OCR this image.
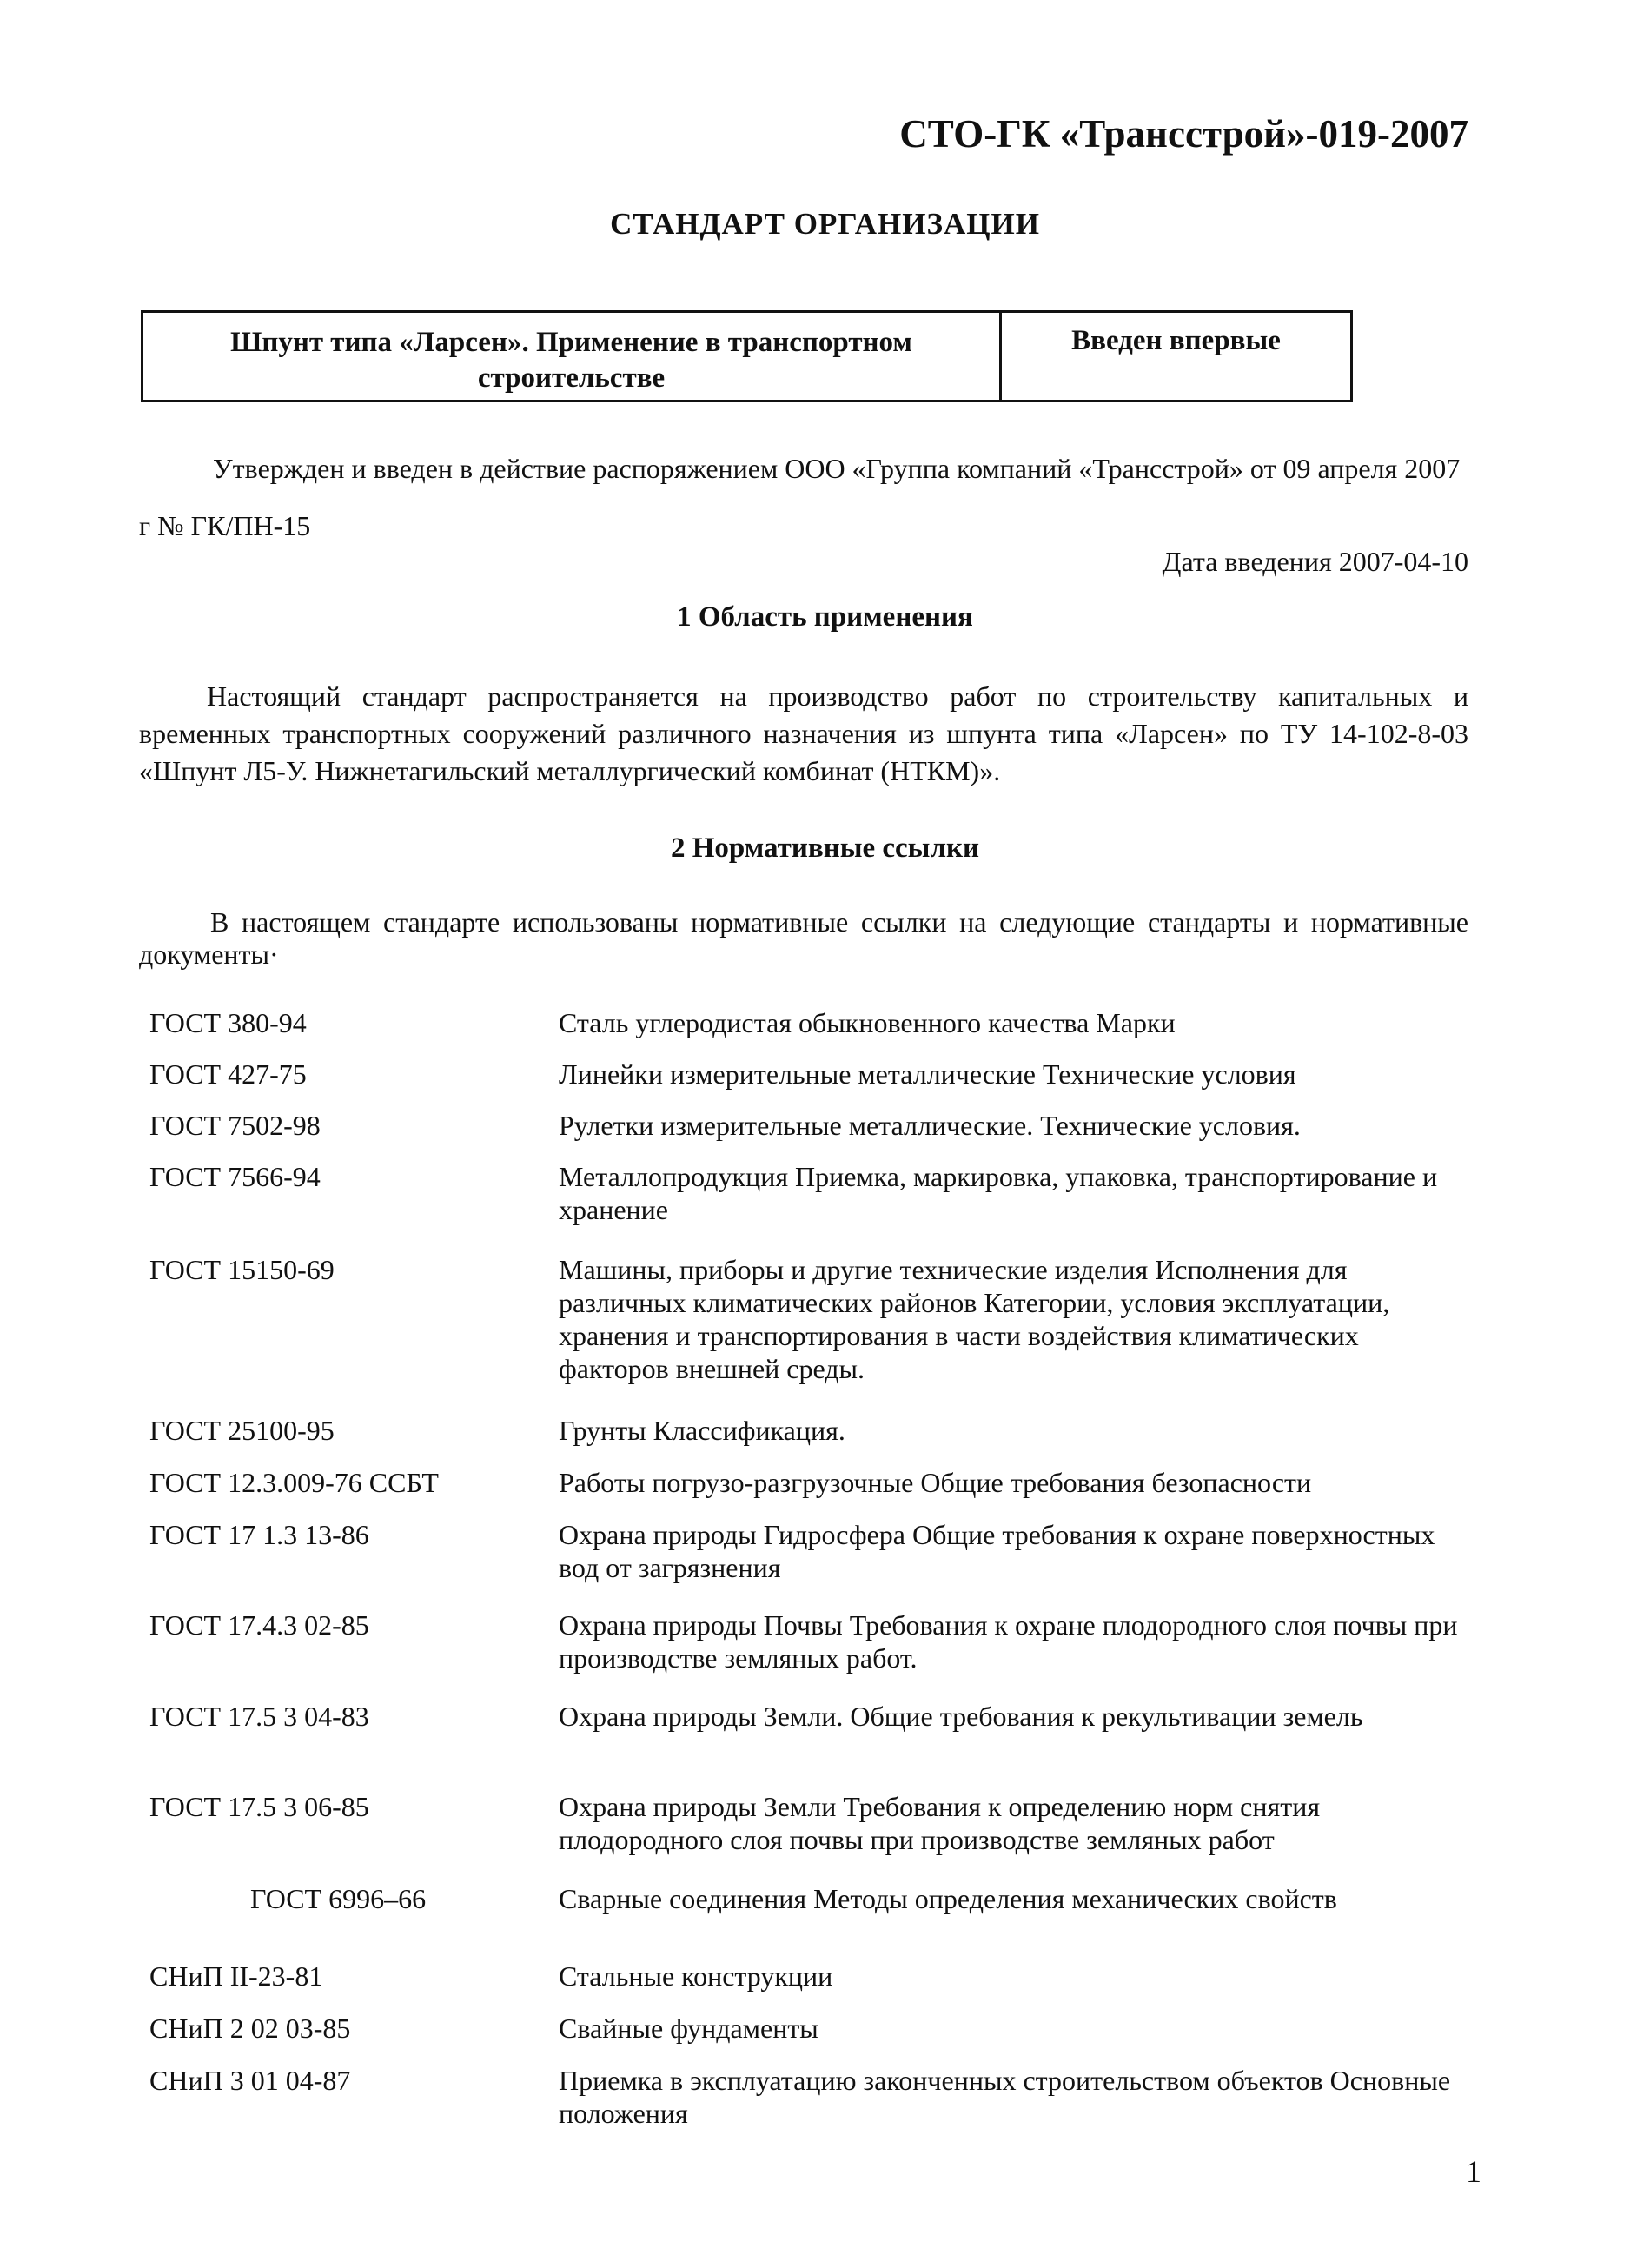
СТО-ГК «Трансстрой»-019-2007

СТАНДАРТ ОРГАНИЗАЦИИ

Шпунт типа «Ларсен». Применение в транспортном строительстве
Введен впервые

Утвержден и введен в действие распоряжением ООО «Группа компаний «Трансстрой» от 09 апреля 2007 г № ГК/ПН-15

Дата введения 2007-04-10

1 Область применения

Настоящий стандарт распространяется на производство работ по строительству капитальных и временных транспортных сооружений различного назначения из шпунта типа «Ларсен» по ТУ 14-102-8-03 «Шпунт Л5-У. Нижнетагильский металлургический комбинат (НТКМ)».

2 Нормативные ссылки

В настоящем стандарте использованы нормативные ссылки на следующие стандарты и нормативные документы·

ГОСТ 380-94	Сталь углеродистая обыкновенного качества Марки
ГОСТ 427-75	Линейки измерительные металлические Технические условия
ГОСТ 7502-98	Рулетки измерительные металлические. Технические условия.
ГОСТ 7566-94	Металлопродукция Приемка, маркировка, упаковка, транспортирование и хранение
ГОСТ 15150-69	Машины, приборы и другие технические изделия Исполнения для различных климатических районов Категории, условия эксплуатации, хранения и транспортирования в части воздействия климатических факторов внешней среды.
ГОСТ 25100-95	Грунты Классификация.
ГОСТ 12.3.009-76 ССБТ	Работы погрузо-разгрузочные Общие требования безопасности
ГОСТ 17 1.3 13-86	Охрана природы Гидросфера Общие требования к охране поверхностных вод от загрязнения
ГОСТ 17.4.3 02-85	Охрана природы Почвы Требования к охране плодородного слоя почвы при производстве земляных работ.
ГОСТ 17.5 3 04-83	Охрана природы Земли. Общие требования к рекультивации земель
ГОСТ 17.5 3 06-85	Охрана природы Земли Требования к определению норм снятия плодородного слоя почвы при производстве земляных работ
ГОСТ 6996–66	Сварные соединения Методы определения механических свойств
СНиП II-23-81	Стальные конструкции
СНиП 2 02 03-85	Свайные фундаменты
СНиП 3 01 04-87	Приемка в эксплуатацию законченных строительством объектов Основные положения

1
